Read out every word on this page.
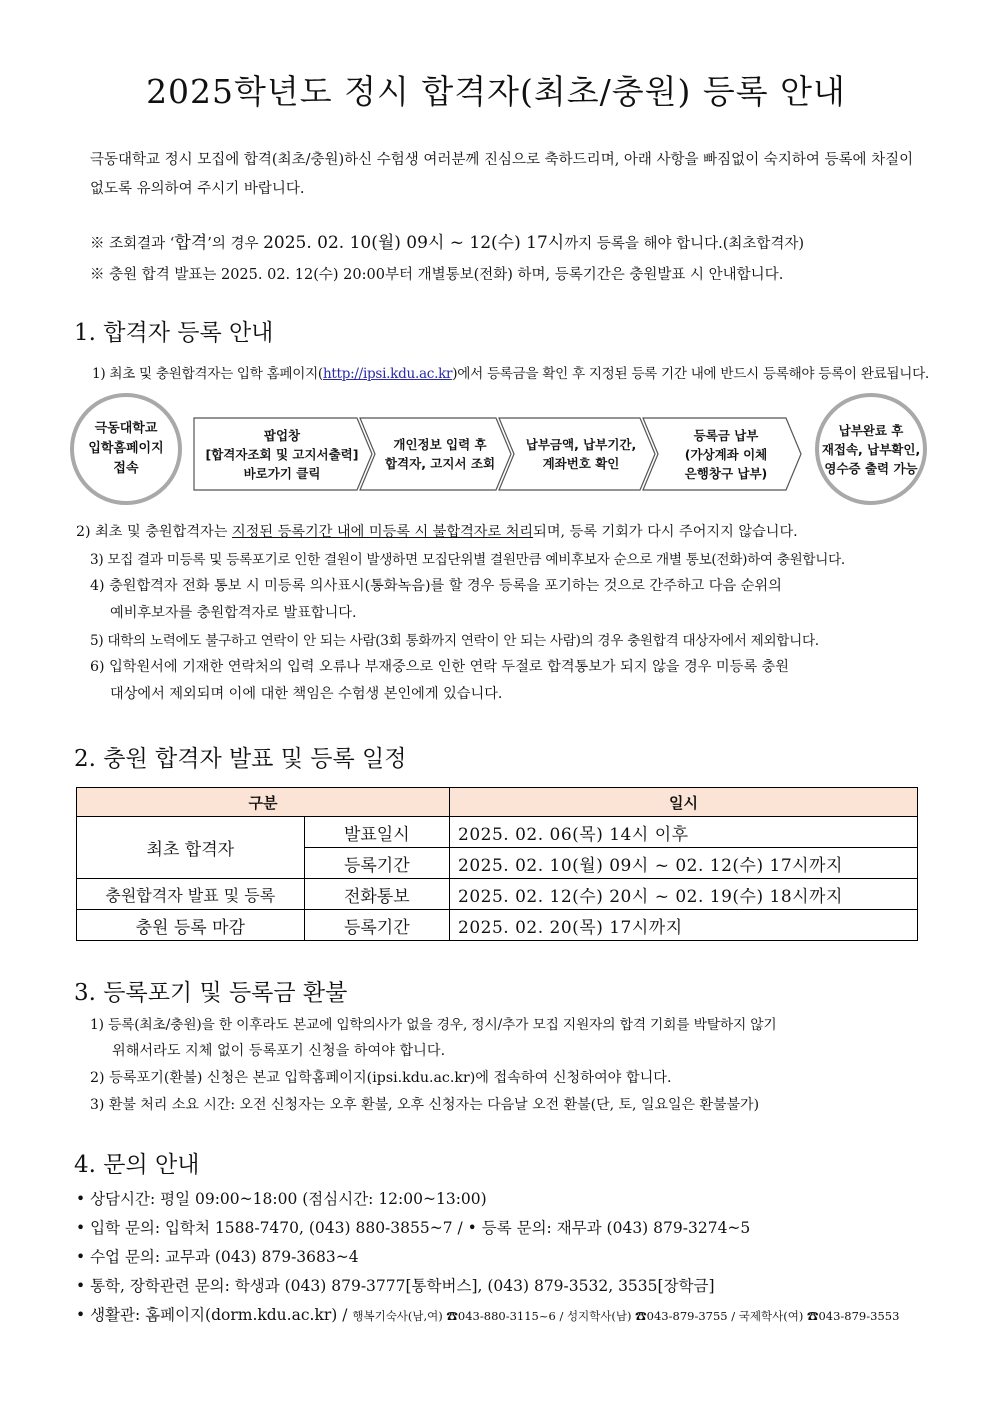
2025학년도 정시 합격자(최초/충원) 등록 안내
극동대학교 정시 모집에 합격(최초/충원)하신 수험생 여러분께 진심으로 축하드리며, 아래 사항을 빠짐없이 숙지하여 등록에 차질이 없도록 유의하여 주시기 바랍니다.
※ 조회결과 ‘합격’의 경우 2025. 02. 10(월) 09시 ~ 12(수) 17시까지 등록을 해야 합니다.(최초합격자)
※ 충원 합격 발표는 2025. 02. 12(수) 20:00부터 개별통보(전화) 하며, 등록기간은 충원발표 시 안내합니다.
1. 합격자 등록 안내
1) 최초 및 충원합격자는 입학 홈페이지(http://ipsi.kdu.ac.kr)에서 등록금을 확인 후 지정된 등록 기간 내에 반드시 등록해야 등록이 완료됩니다.
극동대학교
입학홈페이지
접속
팝업창
[합격자조회 및 고지서출력]
바로가기 클릭
개인정보 입력 후
합격자, 고지서 조회
납부금액, 납부기간,
계좌번호 확인
등록금 납부
(가상계좌 이체
은행창구 납부)
납부완료 후
재접속, 납부확인,
영수증 출력 가능
2) 최초 및 충원합격자는 지정된 등록기간 내에 미등록 시 불합격자로 처리되며, 등록 기회가 다시 주어지지 않습니다.
3) 모집 결과 미등록 및 등록포기로 인한 결원이 발생하면 모집단위별 결원만큼 예비후보자 순으로 개별 통보(전화)하여 충원합니다.
4) 충원합격자 전화 통보 시 미등록 의사표시(통화녹음)를 할 경우 등록을 포기하는 것으로 간주하고 다음 순위의
예비후보자를 충원합격자로 발표합니다.
5) 대학의 노력에도 불구하고 연락이 안 되는 사람(3회 통화까지 연락이 안 되는 사람)의 경우 충원합격 대상자에서 제외합니다.
6) 입학원서에 기재한 연락처의 입력 오류나 부재중으로 인한 연락 두절로 합격통보가 되지 않을 경우 미등록 충원
대상에서 제외되며 이에 대한 책임은 수험생 본인에게 있습니다.
2. 충원 합격자 발표 및 등록 일정
구분		일시
최초 합격자	발표일시	2025. 02. 06(목) 14시 이후
	등록기간	2025. 02. 10(월) 09시 ~ 02. 12(수) 17시까지
충원합격자 발표 및 등록	전화통보	2025. 02. 12(수) 20시 ~ 02. 19(수) 18시까지
충원 등록 마감	등록기간	2025. 02. 20(목) 17시까지
3. 등록포기 및 등록금 환불
1) 등록(최초/충원)을 한 이후라도 본교에 입학의사가 없을 경우, 정시/추가 모집 지원자의 합격 기회를 박탈하지 않기
위해서라도 지체 없이 등록포기 신청을 하여야 합니다.
2) 등록포기(환불) 신청은 본교 입학홈페이지(ipsi.kdu.ac.kr)에 접속하여 신청하여야 합니다.
3) 환불 처리 소요 시간: 오전 신청자는 오후 환불, 오후 신청자는 다음날 오전 환불(단, 토, 일요일은 환불불가)
4. 문의 안내
• 상담시간: 평일 09:00~18:00 (점심시간: 12:00~13:00)
• 입학 문의: 입학처 1588-7470, (043) 880-3855~7 / • 등록 문의: 재무과 (043) 879-3274~5
• 수업 문의: 교무과 (043) 879-3683~4
• 통학, 장학관련 문의: 학생과 (043) 879-3777[통학버스], (043) 879-3532, 3535[장학금]
• 생활관: 홈페이지(dorm.kdu.ac.kr) / 행복기숙사(남,여) ☎043-880-3115~6 / 성지학사(남) ☎043-879-3755 / 국제학사(여) ☎043-879-3553
